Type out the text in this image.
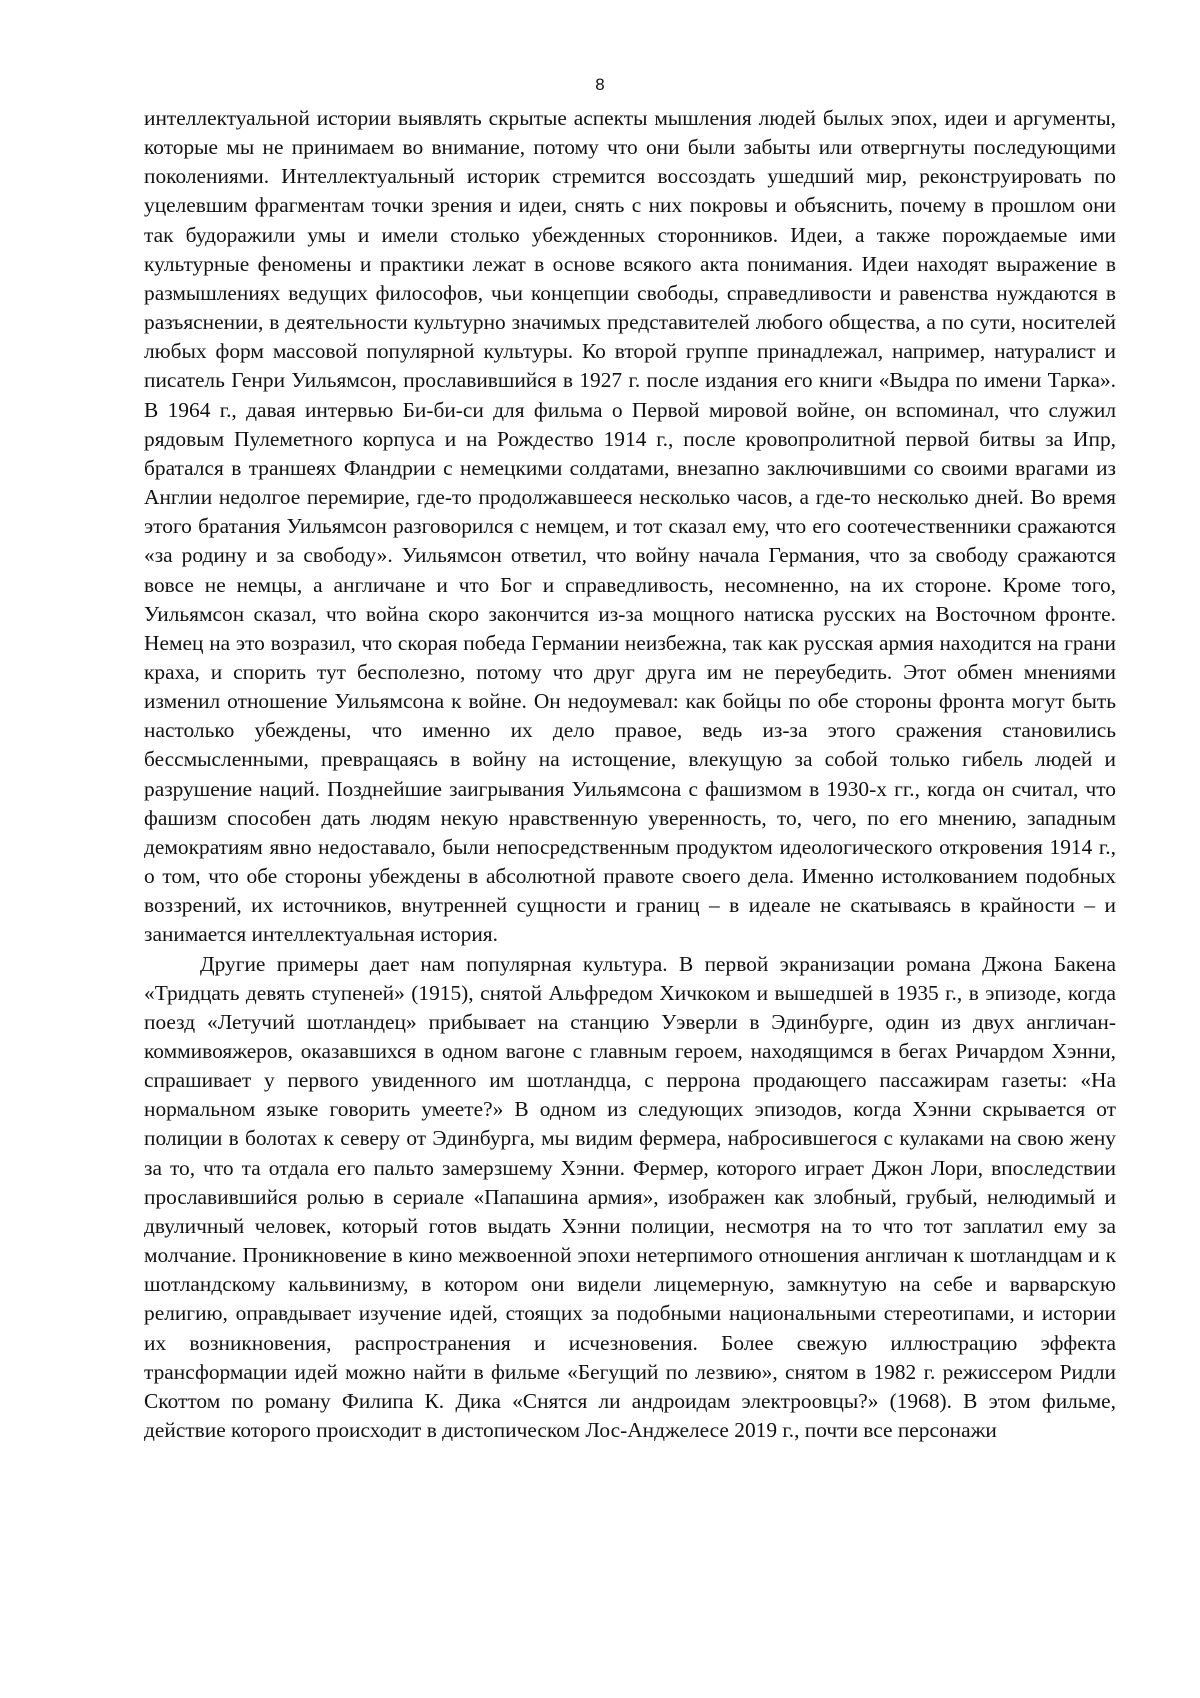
8

интеллектуальной истории выявлять скрытые аспекты мышления людей былых эпох, идеи и аргументы, которые мы не принимаем во внимание, потому что они были забыты или отвергнуты последующими поколениями. Интеллектуальный историк стремится воссоздать ушедший мир, реконструировать по уцелевшим фрагментам точки зрения и идеи, снять с них покровы и объяснить, почему в прошлом они так будоражили умы и имели столько убежденных сторонников. Идеи, а также порождаемые ими культурные феномены и практики лежат в основе всякого акта понимания. Идеи находят выражение в размышлениях ведущих философов, чьи концепции свободы, справедливости и равенства нуждаются в разъяснении, в деятельности культурно значимых представителей любого общества, а по сути, носителей любых форм массовой популярной культуры. Ко второй группе принадлежал, например, натуралист и писатель Генри Уильямсон, прославившийся в 1927 г. после издания его книги «Выдра по имени Тарка». В 1964 г., давая интервью Би-би-си для фильма о Первой мировой войне, он вспоминал, что служил рядовым Пулеметного корпуса и на Рождество 1914 г., после кровопролитной первой битвы за Ипр, братался в траншеях Фландрии с немецкими солдатами, внезапно заключившими со своими врагами из Англии недолгое перемирие, где-то продолжавшееся несколько часов, а где-то несколько дней. Во время этого братания Уильямсон разговорился с немцем, и тот сказал ему, что его соотечественники сражаются «за родину и за свободу». Уильямсон ответил, что войну начала Германия, что за свободу сражаются вовсе не немцы, а англичане и что Бог и справедливость, несомненно, на их стороне. Кроме того, Уильямсон сказал, что война скоро закончится из-за мощного натиска русских на Восточном фронте. Немец на это возразил, что скорая победа Германии неизбежна, так как русская армия находится на грани краха, и спорить тут бесполезно, потому что друг друга им не переубедить. Этот обмен мнениями изменил отношение Уильямсона к войне. Он недоумевал: как бойцы по обе стороны фронта могут быть настолько убеждены, что именно их дело правое, ведь из-за этого сражения становились бессмысленными, превращаясь в войну на истощение, влекущую за собой только гибель людей и разрушение наций. Позднейшие заигрывания Уильямсона с фашизмом в 1930-х гг., когда он считал, что фашизм способен дать людям некую нравственную уверенность, то, чего, по его мнению, западным демократиям явно недоставало, были непосредственным продуктом идеологического откровения 1914 г., о том, что обе стороны убеждены в абсолютной правоте своего дела. Именно истолкованием подобных воззрений, их источников, внутренней сущности и границ – в идеале не скатываясь в крайности – и занимается интеллектуальная история.

Другие примеры дает нам популярная культура. В первой экранизации романа Джона Бакена «Тридцать девять ступеней» (1915), снятой Альфредом Хичкоком и вышедшей в 1935 г., в эпизоде, когда поезд «Летучий шотландец» прибывает на станцию Уэверли в Эдинбурге, один из двух англичан-коммивояжеров, оказавшихся в одном вагоне с главным героем, находящимся в бегах Ричардом Хэнни, спрашивает у первого увиденного им шотландца, с перрона продающего пассажирам газеты: «На нормальном языке говорить умеете?» В одном из следующих эпизодов, когда Хэнни скрывается от полиции в болотах к северу от Эдинбурга, мы видим фермера, набросившегося с кулаками на свою жену за то, что та отдала его пальто замерзшему Хэнни. Фермер, которого играет Джон Лори, впоследствии прославившийся ролью в сериале «Папашина армия», изображен как злобный, грубый, нелюдимый и двуличный человек, который готов выдать Хэнни полиции, несмотря на то что тот заплатил ему за молчание. Проникновение в кино межвоенной эпохи нетерпимого отношения англичан к шотландцам и к шотландскому кальвинизму, в котором они видели лицемерную, замкнутую на себе и варварскую религию, оправдывает изучение идей, стоящих за подобными национальными стереотипами, и истории их возникновения, распространения и исчезновения. Более свежую иллюстрацию эффекта трансформации идей можно найти в фильме «Бегущий по лезвию», снятом в 1982 г. режиссером Ридли Скоттом по роману Филипа К. Дика «Снятся ли андроидам электроовцы?» (1968). В этом фильме, действие которого происходит в дистопическом Лос-Анджелесе 2019 г., почти все персонажи
